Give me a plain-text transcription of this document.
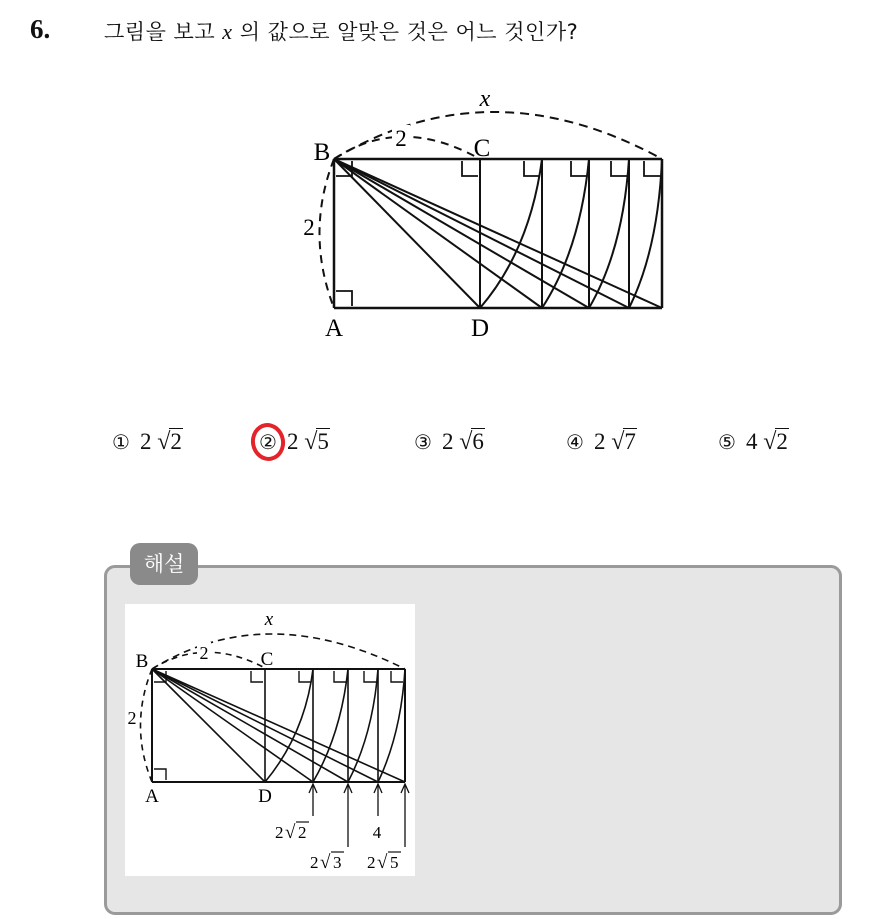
6.	그림을 보고 x 의 값으로 알맞은 것은 어느 것인가?
x
2
2
B	C
A	D
① 2 √2	② 2 √5	③ 2 √6	④ 2 √7	⑤ 4 √2
해설
x
2
2
B	C
A	D
2 √ 2
2 √ 3
4
2 √ 5
